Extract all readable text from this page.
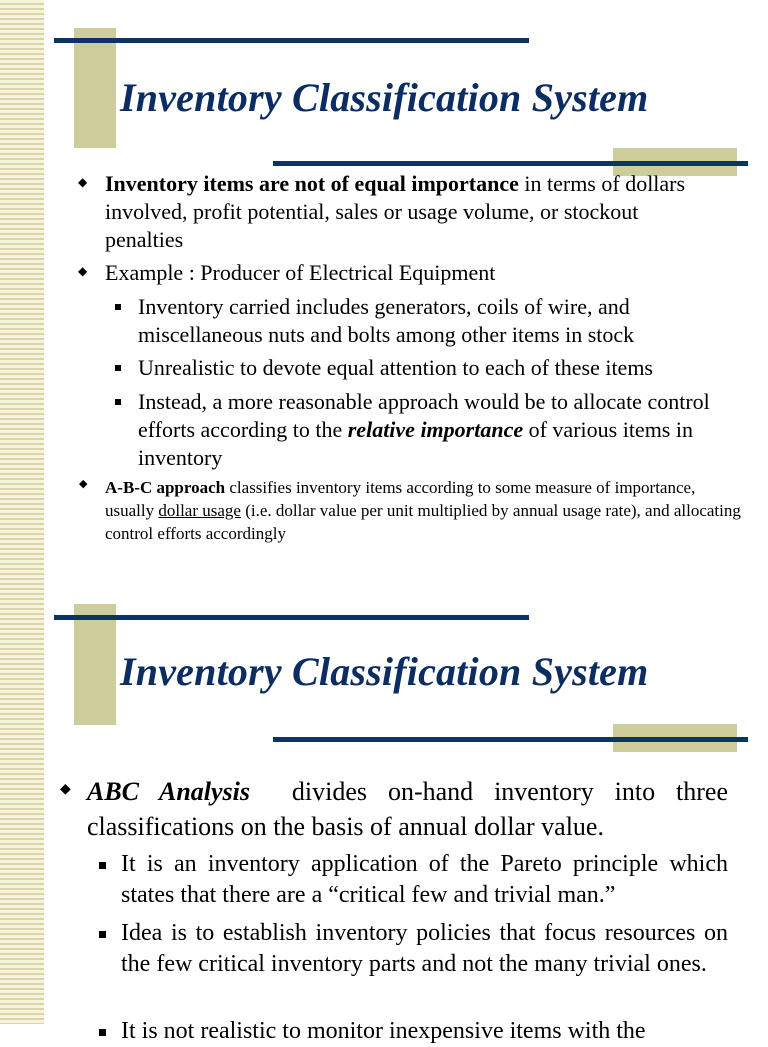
Inventory Classification System
◆ Inventory items are not of equal importance in terms of dollars involved, profit potential, sales or usage volume, or stockout penalties
◆ Example : Producer of Electrical Equipment
Inventory carried includes generators, coils of wire, and miscellaneous nuts and bolts among other items in stock
Unrealistic to devote equal attention to each of these items
Instead, a more reasonable approach would be to allocate control efforts according to the relative importance of various items in inventory
◆ A-B-C approach classifies inventory items according to some measure of importance, usually dollar usage (i.e. dollar value per unit multiplied by annual usage rate), and allocating control efforts accordingly
Inventory Classification System
◆ ABC Analysis  divides on-hand inventory into three classifications on the basis of annual dollar value.
It is an inventory application of the Pareto principle which states that there are a “critical few and trivial man.”
Idea is to establish inventory policies that focus resources on the few critical inventory parts and not the many trivial ones.
It is not realistic to monitor inexpensive items with the
